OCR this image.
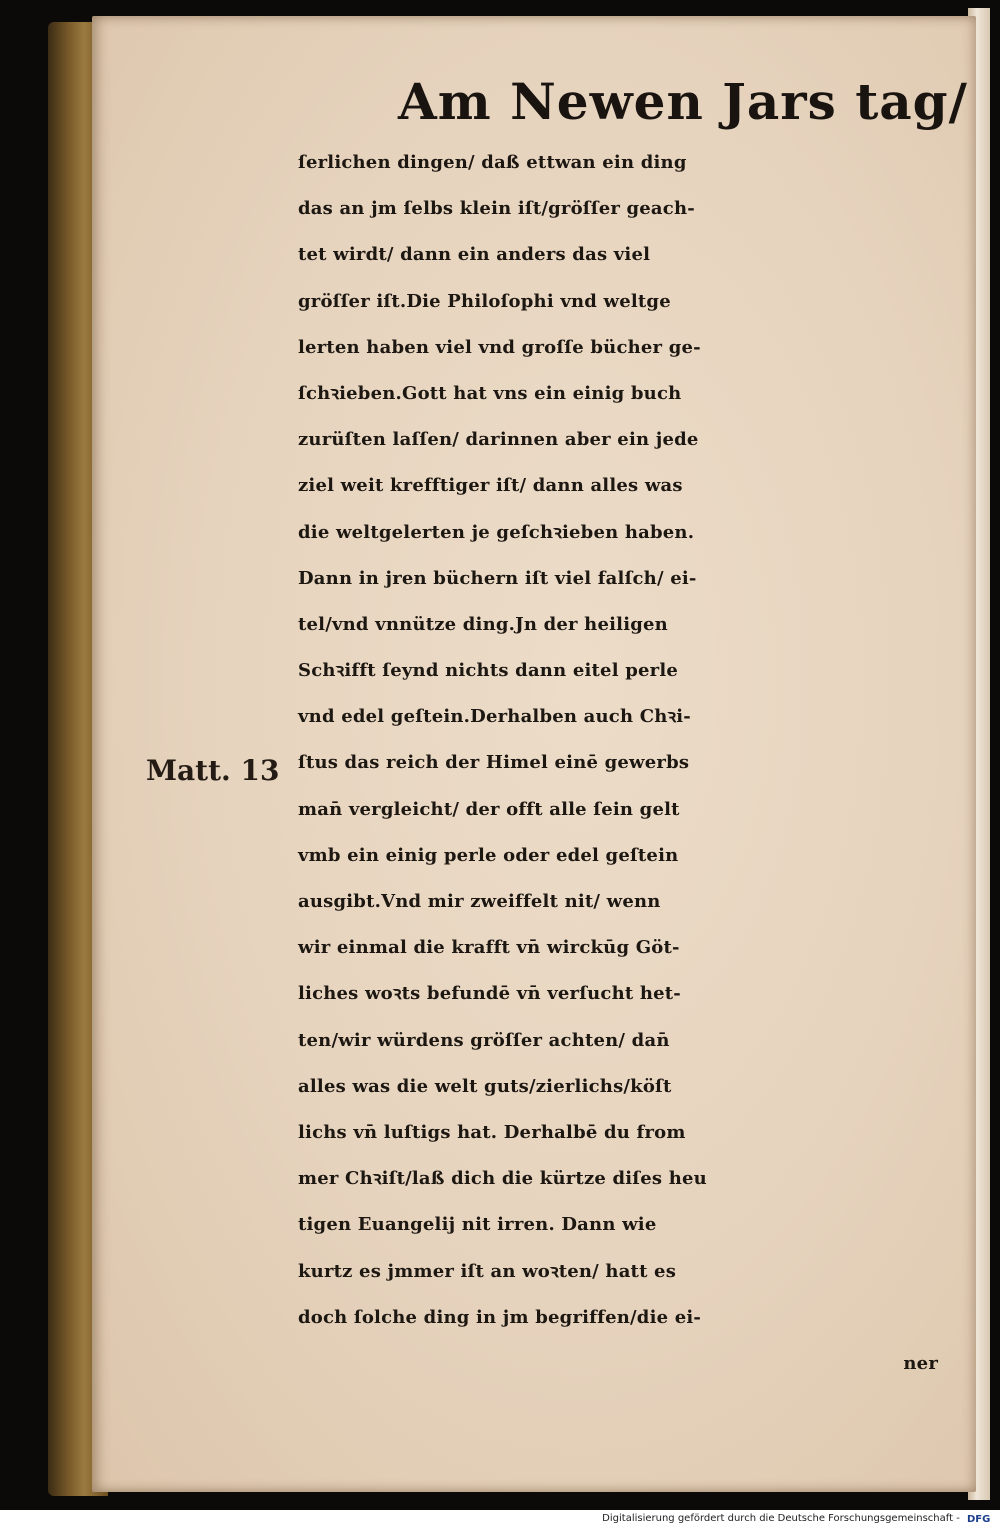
Am Newen Jars tag/
Matt. 13
ſerlichen dingen/ daß ettwan ein ding
das an jm ſelbs klein iſt/gröſſer geach-
tet wirdt/ dann ein anders das viel
gröſſer iſt.Die Philoſophi vnd weltge
lerten haben viel vnd groſſe bücher ge-
ſchꝛieben.Gott hat vns ein einig buch
zurüſten laſſen/ darinnen aber ein jede
ziel weit krefftiger iſt/ dann alles was
die weltgelerten je geſchꝛieben haben.
Dann in jren büchern iſt viel falſch/ ei-
tel/vnd vnnütze ding.Jn der heiligen
Schꝛifft ſeynd nichts dann eitel perle
vnd edel geſtein.Derhalben auch Chꝛi-
ſtus das reich der Himel einē gewerbs
man̄ vergleicht/ der offt alle ſein gelt
vmb ein einig perle oder edel geſtein
ausgibt.Vnd mir zweiffelt nit/ wenn
wir einmal die krafft vn̄ wirckūg Göt-
liches woꝛts befundē vn̄ verſucht het-
ten/wir würdens gröſſer achten/ dan̄
alles was die welt guts/zierlichs/köſt
lichs vn̄ luſtigs hat. Derhalbē du from
mer Chꝛiſt/laß dich die kürtze diſes heu
tigen Euangelij nit irren. Dann wie
kurtz es jmmer iſt an woꝛten/ hatt es
doch ſolche ding in jm begriffen/die ei-
ner
Digitalisierung gefördert durch die Deutsche Forschungsgemeinschaft - DFG
